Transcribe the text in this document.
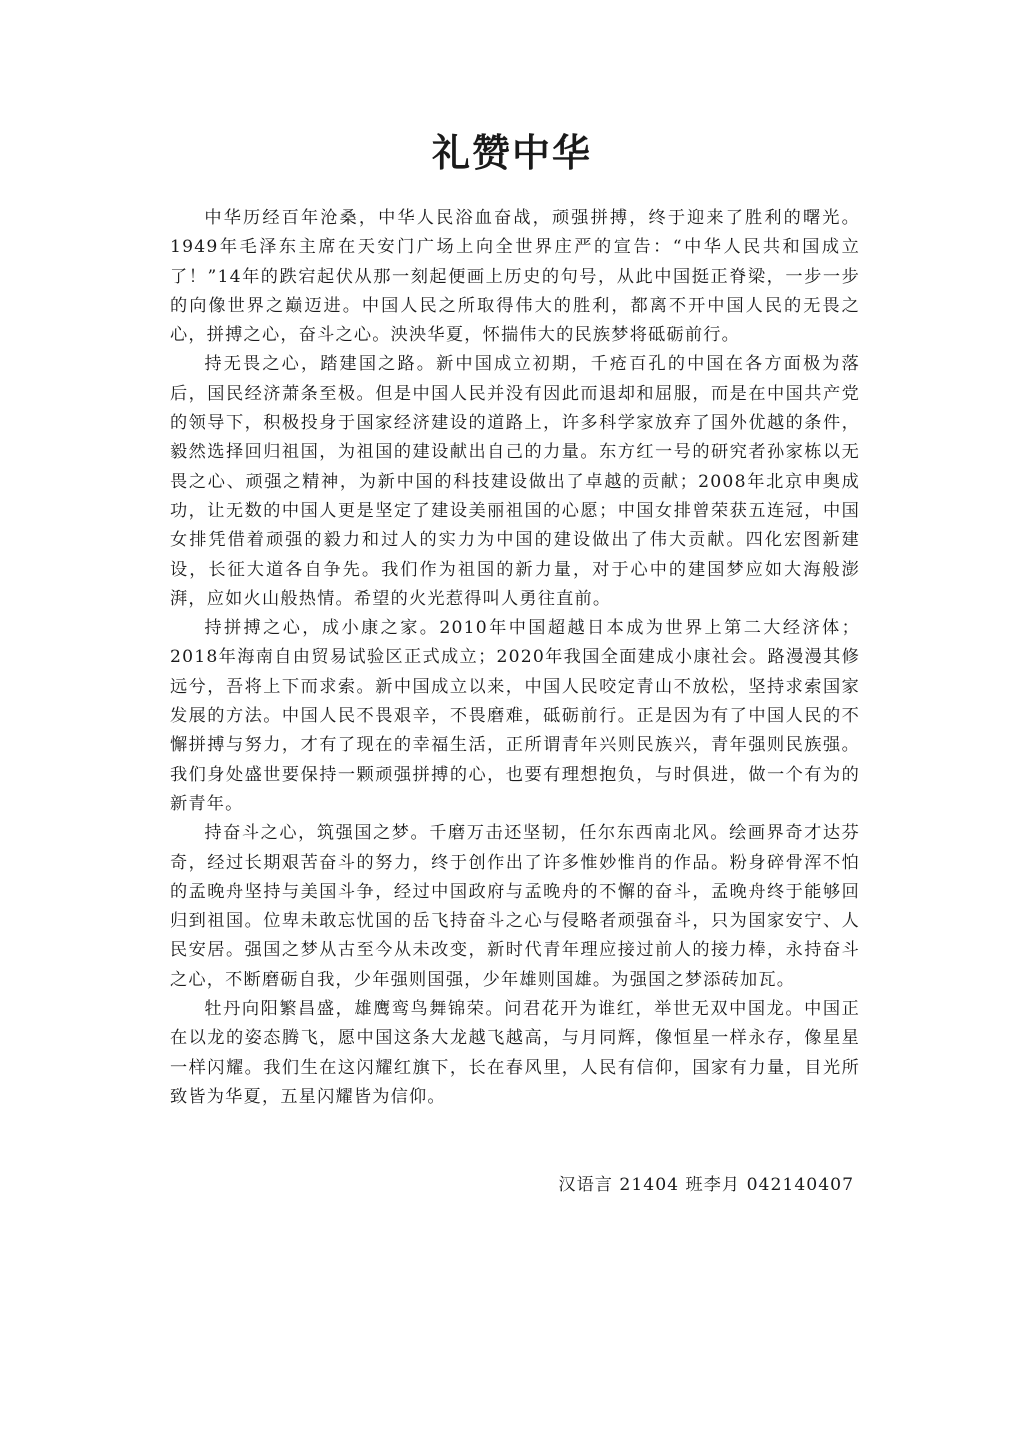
礼赞中华

中华历经百年沧桑，中华人民浴血奋战，顽强拼搏，终于迎来了胜利的曙光。1949年毛泽东主席在天安门广场上向全世界庄严的宣告：“中华人民共和国成立了！”14年的跌宕起伏从那一刻起便画上历史的句号，从此中国挺正脊梁，一步一步的向像世界之巅迈进。中国人民之所取得伟大的胜利，都离不开中国人民的无畏之心，拼搏之心，奋斗之心。泱泱华夏，怀揣伟大的民族梦将砥砺前行。

持无畏之心，踏建国之路。新中国成立初期，千疮百孔的中国在各方面极为落后，国民经济萧条至极。但是中国人民并没有因此而退却和屈服，而是在中国共产党的领导下，积极投身于国家经济建设的道路上，许多科学家放弃了国外优越的条件，毅然选择回归祖国，为祖国的建设献出自己的力量。东方红一号的研究者孙家栋以无畏之心、顽强之精神，为新中国的科技建设做出了卓越的贡献；2008年北京申奥成功，让无数的中国人更是坚定了建设美丽祖国的心愿；中国女排曾荣获五连冠，中国女排凭借着顽强的毅力和过人的实力为中国的建设做出了伟大贡献。四化宏图新建设，长征大道各自争先。我们作为祖国的新力量，对于心中的建国梦应如大海般澎湃，应如火山般热情。希望的火光惹得叫人勇往直前。

持拼搏之心，成小康之家。2010年中国超越日本成为世界上第二大经济体；2018年海南自由贸易试验区正式成立；2020年我国全面建成小康社会。路漫漫其修远兮，吾将上下而求索。新中国成立以来，中国人民咬定青山不放松，坚持求索国家发展的方法。中国人民不畏艰辛，不畏磨难，砥砺前行。正是因为有了中国人民的不懈拼搏与努力，才有了现在的幸福生活，正所谓青年兴则民族兴，青年强则民族强。我们身处盛世要保持一颗顽强拼搏的心，也要有理想抱负，与时俱进，做一个有为的新青年。

持奋斗之心，筑强国之梦。千磨万击还坚韧，任尔东西南北风。绘画界奇才达芬奇，经过长期艰苦奋斗的努力，终于创作出了许多惟妙惟肖的作品。粉身碎骨浑不怕的孟晚舟坚持与美国斗争，经过中国政府与孟晚舟的不懈的奋斗，孟晚舟终于能够回归到祖国。位卑未敢忘忧国的岳飞持奋斗之心与侵略者顽强奋斗，只为国家安宁、人民安居。强国之梦从古至今从未改变，新时代青年理应接过前人的接力棒，永持奋斗之心，不断磨砺自我，少年强则国强，少年雄则国雄。为强国之梦添砖加瓦。

牡丹向阳繁昌盛，雄鹰鸾鸟舞锦荣。问君花开为谁红，举世无双中国龙。中国正在以龙的姿态腾飞，愿中国这条大龙越飞越高，与月同辉，像恒星一样永存，像星星一样闪耀。我们生在这闪耀红旗下，长在春风里，人民有信仰，国家有力量，目光所致皆为华夏，五星闪耀皆为信仰。

汉语言 21404 班李月 042140407
